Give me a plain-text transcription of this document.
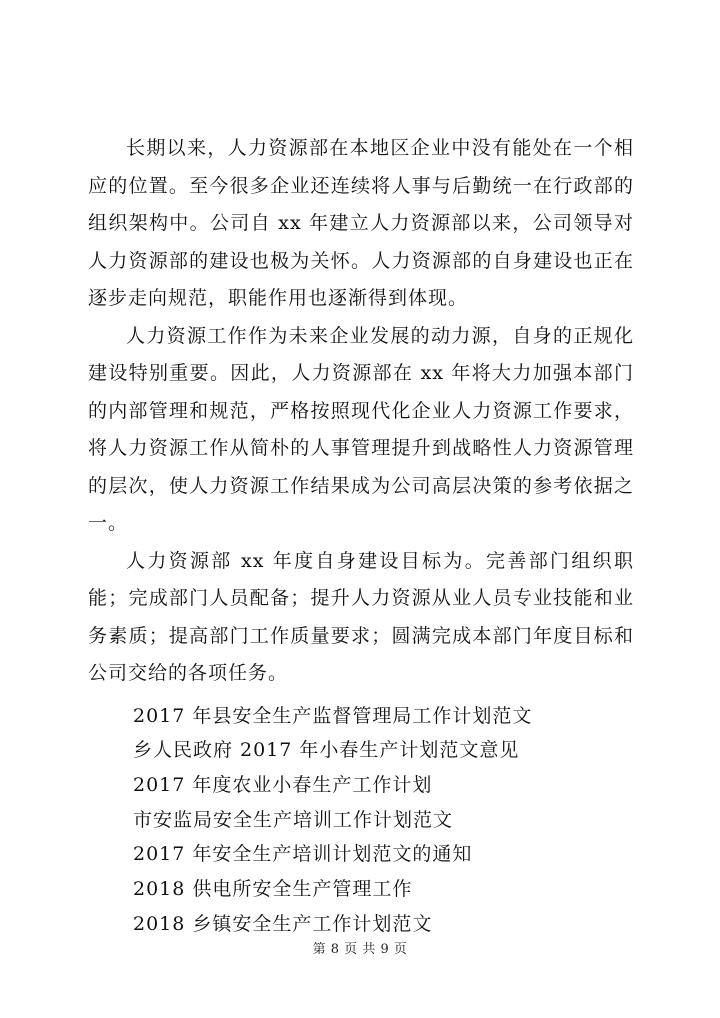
长期以来，人力资源部在本地区企业中没有能处在一个相应的位置。至今很多企业还连续将人事与后勤统一在行政部的组织架构中。公司自 xx 年建立人力资源部以来，公司领导对人力资源部的建设也极为关怀。人力资源部的自身建设也正在逐步走向规范，职能作用也逐渐得到体现。

人力资源工作作为未来企业发展的动力源，自身的正规化建设特别重要。因此，人力资源部在 xx 年将大力加强本部门的内部管理和规范，严格按照现代化企业人力资源工作要求，将人力资源工作从简朴的人事管理提升到战略性人力资源管理的层次，使人力资源工作结果成为公司高层决策的参考依据之一。

人力资源部 xx 年度自身建设目标为。完善部门组织职能；完成部门人员配备；提升人力资源从业人员专业技能和业务素质；提高部门工作质量要求；圆满完成本部门年度目标和公司交给的各项任务。

2017 年县安全生产监督管理局工作计划范文
乡人民政府 2017 年小春生产计划范文意见
2017 年度农业小春生产工作计划
市安监局安全生产培训工作计划范文
2017 年安全生产培训计划范文的通知
2018 供电所安全生产管理工作
2018 乡镇安全生产工作计划范文
第 8 页 共 9 页
